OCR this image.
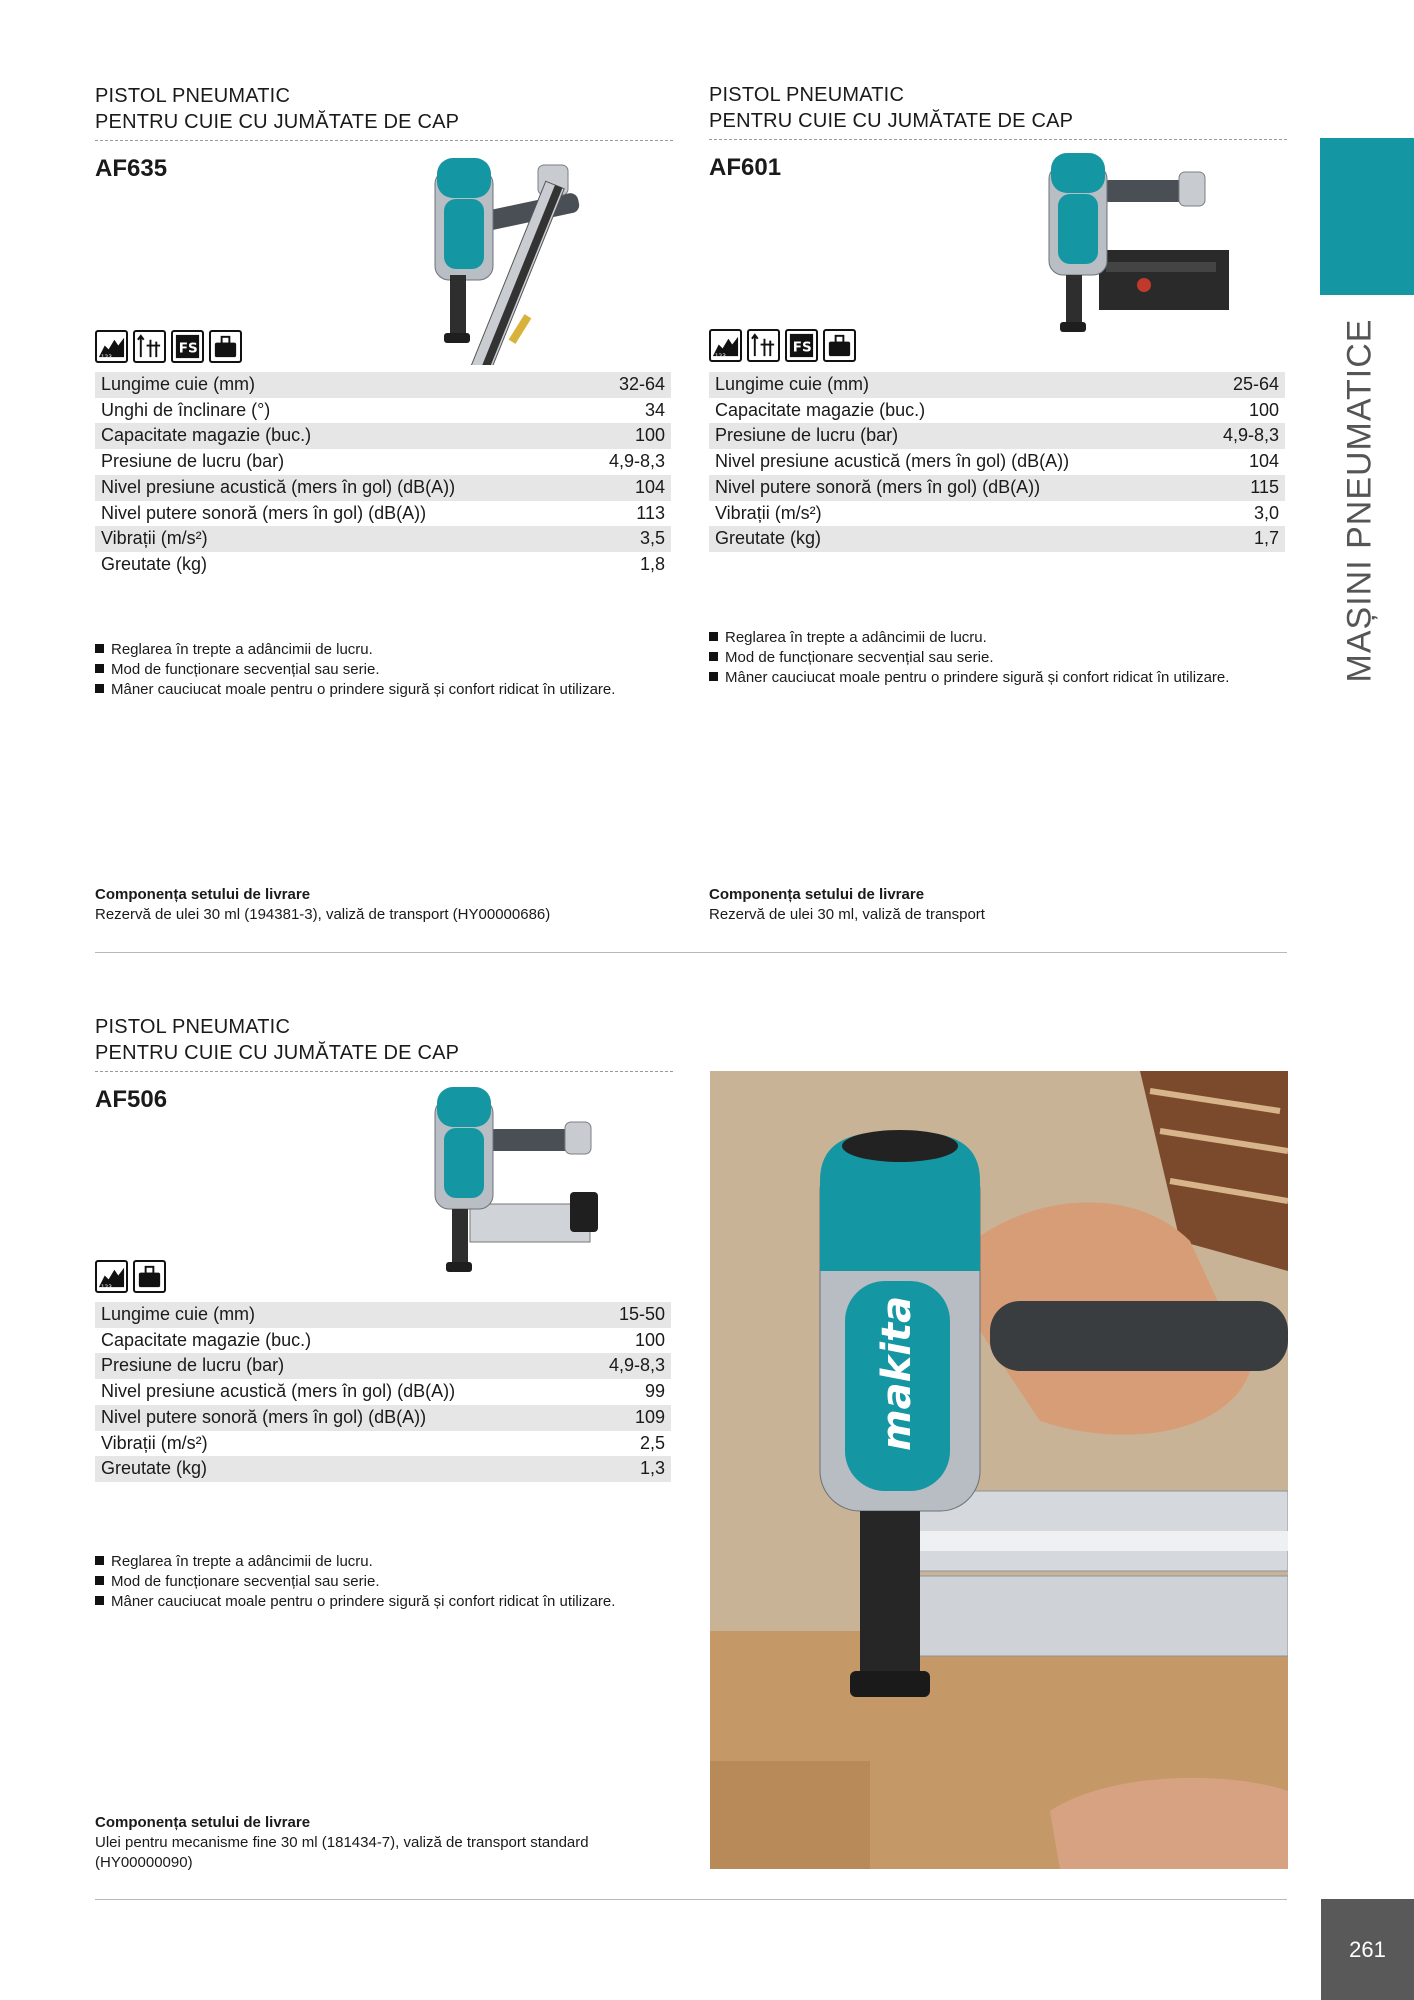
PISTOL PNEUMATIC
PENTRU CUIE CU JUMĂTATE DE CAP
AF635
123
FS
Lungime cuie (mm)	32-64
Unghi de înclinare (°)	34
Capacitate magazie (buc.)	100
Presiune de lucru (bar)	4,9-8,3
Nivel presiune acustică (mers în gol) (dB(A))	104
Nivel putere sonoră (mers în gol) (dB(A))	113
Vibrații (m/s²)	3,5
Greutate (kg)	1,8
Reglarea în trepte a adâncimii de lucru.
Mod de funcționare secvențial sau serie.
Mâner cauciucat moale pentru o prindere sigură și confort ridicat în utilizare.
Componența setului de livrare
Rezervă de ulei 30 ml (194381-3), valiză de transport (HY00000686)
PISTOL PNEUMATIC
PENTRU CUIE CU JUMĂTATE DE CAP
AF601
123
FS
Lungime cuie (mm)	25-64
Capacitate magazie (buc.)	100
Presiune de lucru (bar)	4,9-8,3
Nivel presiune acustică (mers în gol) (dB(A))	104
Nivel putere sonoră (mers în gol) (dB(A))	115
Vibrații (m/s²)	3,0
Greutate (kg)	1,7
Reglarea în trepte a adâncimii de lucru.
Mod de funcționare secvențial sau serie.
Mâner cauciucat moale pentru o prindere sigură și confort ridicat în utilizare.
Componența setului de livrare
Rezervă de ulei 30 ml, valiză de transport
PISTOL PNEUMATIC
PENTRU CUIE CU JUMĂTATE DE CAP
AF506
123
Lungime cuie (mm)	15-50
Capacitate magazie (buc.)	100
Presiune de lucru (bar)	4,9-8,3
Nivel presiune acustică (mers în gol) (dB(A))	99
Nivel putere sonoră (mers în gol) (dB(A))	109
Vibrații (m/s²)	2,5
Greutate (kg)	1,3
Reglarea în trepte a adâncimii de lucru.
Mod de funcționare secvențial sau serie.
Mâner cauciucat moale pentru o prindere sigură și confort ridicat în utilizare.
Componența setului de livrare
Ulei pentru mecanisme fine 30 ml (181434-7), valiză de transport standard (HY00000090)
makita
MAȘINI PNEUMATICE
261
